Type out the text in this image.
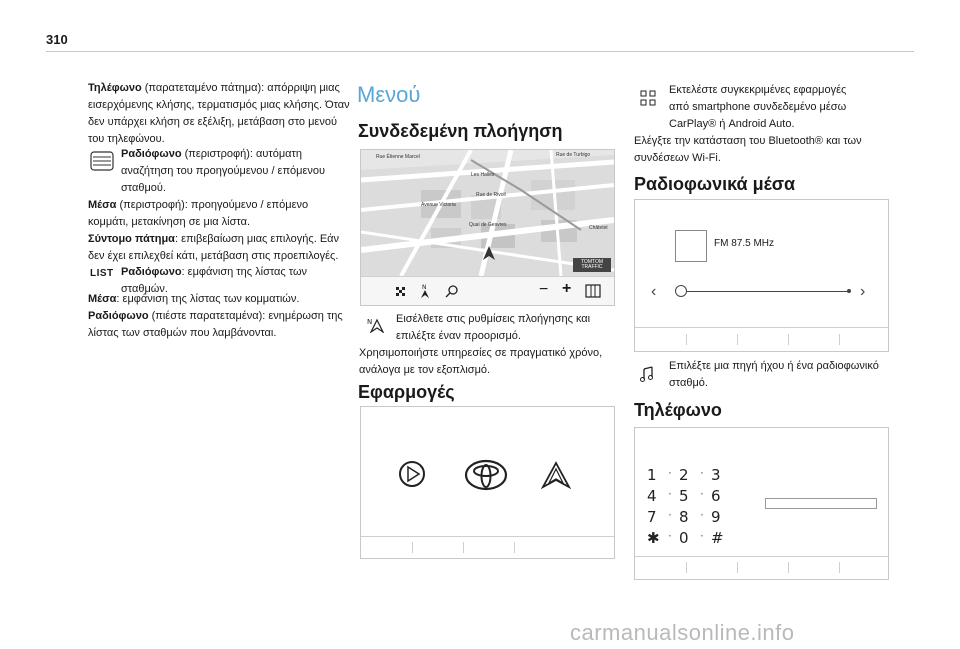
310
Τηλέφωνο (παρατεταμένο πάτημα): απόρριψη μιας εισερχόμενης κλήσης, τερματισμός μιας κλήσης. Όταν δεν υπάρχει κλήση σε εξέλιξη, μετάβαση στο μενού του τηλεφώνου.
Ραδιόφωνο (περιστροφή): αυτόματη αναζήτηση του προηγούμενου / επόμενου σταθμού.
Μέσα (περιστροφή): προηγούμενο / επόμενο κομμάτι, μετακίνηση σε μια λίστα.
Σύντομο πάτημα: επιβεβαίωση μιας επιλογής. Εάν δεν έχει επιλεχθεί κάτι, μετάβαση στις προεπιλογές.
LIST Ραδιόφωνο: εμφάνιση της λίστας των σταθμών.
Μέσα: εμφάνιση της λίστας των κομματιών.
Ραδιόφωνο (πιέστε παρατεταμένα): ενημέρωση της λίστας των σταθμών που λαμβάνονται.
Μενού
Συνδεδεμένη πλοήγηση
Rue Étienne Marcel	Rue de Turbigo
Les Halles
Rue de Rivoli
Avenue Victoria
Quai de Gesvres	Châtelet
TOMTOM TRAFFIC
N	− +
N Εισέλθετε στις ρυθμίσεις πλοήγησης και επιλέξτε έναν προορισμό.
Χρησιμοποιήστε υπηρεσίες σε πραγματικό χρόνο, ανάλογα με τον εξοπλισμό.
Εφαρμογές
Εκτελέστε συγκεκριμένες εφαρμογές από smartphone συνδεδεμένο μέσω CarPlay® ή Android Auto.
Ελέγξτε την κατάσταση του Bluetooth® και των συνδέσεων Wi-Fi.
Ραδιοφωνικά μέσα
FM 87.5 MHz
‹	›
Επιλέξτε μια πηγή ήχου ή ένα ραδιοφωνικό σταθμό.
Τηλέφωνο
1 · 2 · 3
4 · 5 · 6
7 · 8 · 9
✱ · 0 · #
carmanualsonline.info
